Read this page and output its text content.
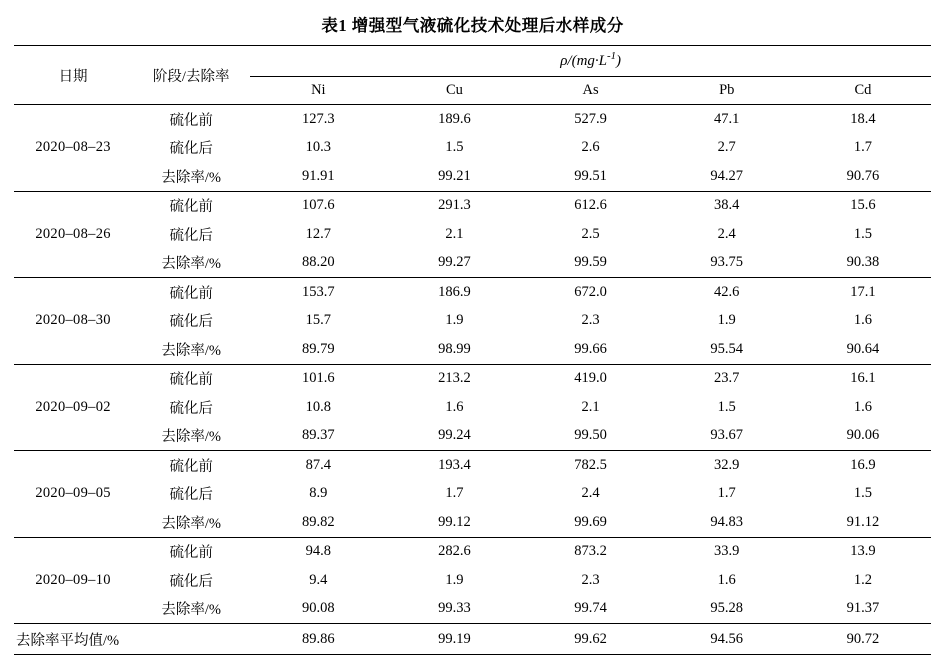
表1 增强型气液硫化技术处理后水样成分
日期	阶段/去除率	$\rho/(mg\cdot L^{-1})$				
		Ni	Cu	As	Pb	Cd
2020–08–23	硫化前	127.3	189.6	527.9	47.1	18.4
	硫化后	10.3	1.5	2.6	2.7	1.7
	去除率/%	91.91	99.21	99.51	94.27	90.76
2020–08–26	硫化前	107.6	291.3	612.6	38.4	15.6
	硫化后	12.7	2.1	2.5	2.4	1.5
	去除率/%	88.20	99.27	99.59	93.75	90.38
2020–08–30	硫化前	153.7	186.9	672.0	42.6	17.1
	硫化后	15.7	1.9	2.3	1.9	1.6
	去除率/%	89.79	98.99	99.66	95.54	90.64
2020–09–02	硫化前	101.6	213.2	419.0	23.7	16.1
	硫化后	10.8	1.6	2.1	1.5	1.6
	去除率/%	89.37	99.24	99.50	93.67	90.06
2020–09–05	硫化前	87.4	193.4	782.5	32.9	16.9
	硫化后	8.9	1.7	2.4	1.7	1.5
	去除率/%	89.82	99.12	99.69	94.83	91.12
2020–09–10	硫化前	94.8	282.6	873.2	33.9	13.9
	硫化后	9.4	1.9	2.3	1.6	1.2
	去除率/%	90.08	99.33	99.74	95.28	91.37
去除率平均值/%		89.86	99.19	99.62	94.56	90.72
